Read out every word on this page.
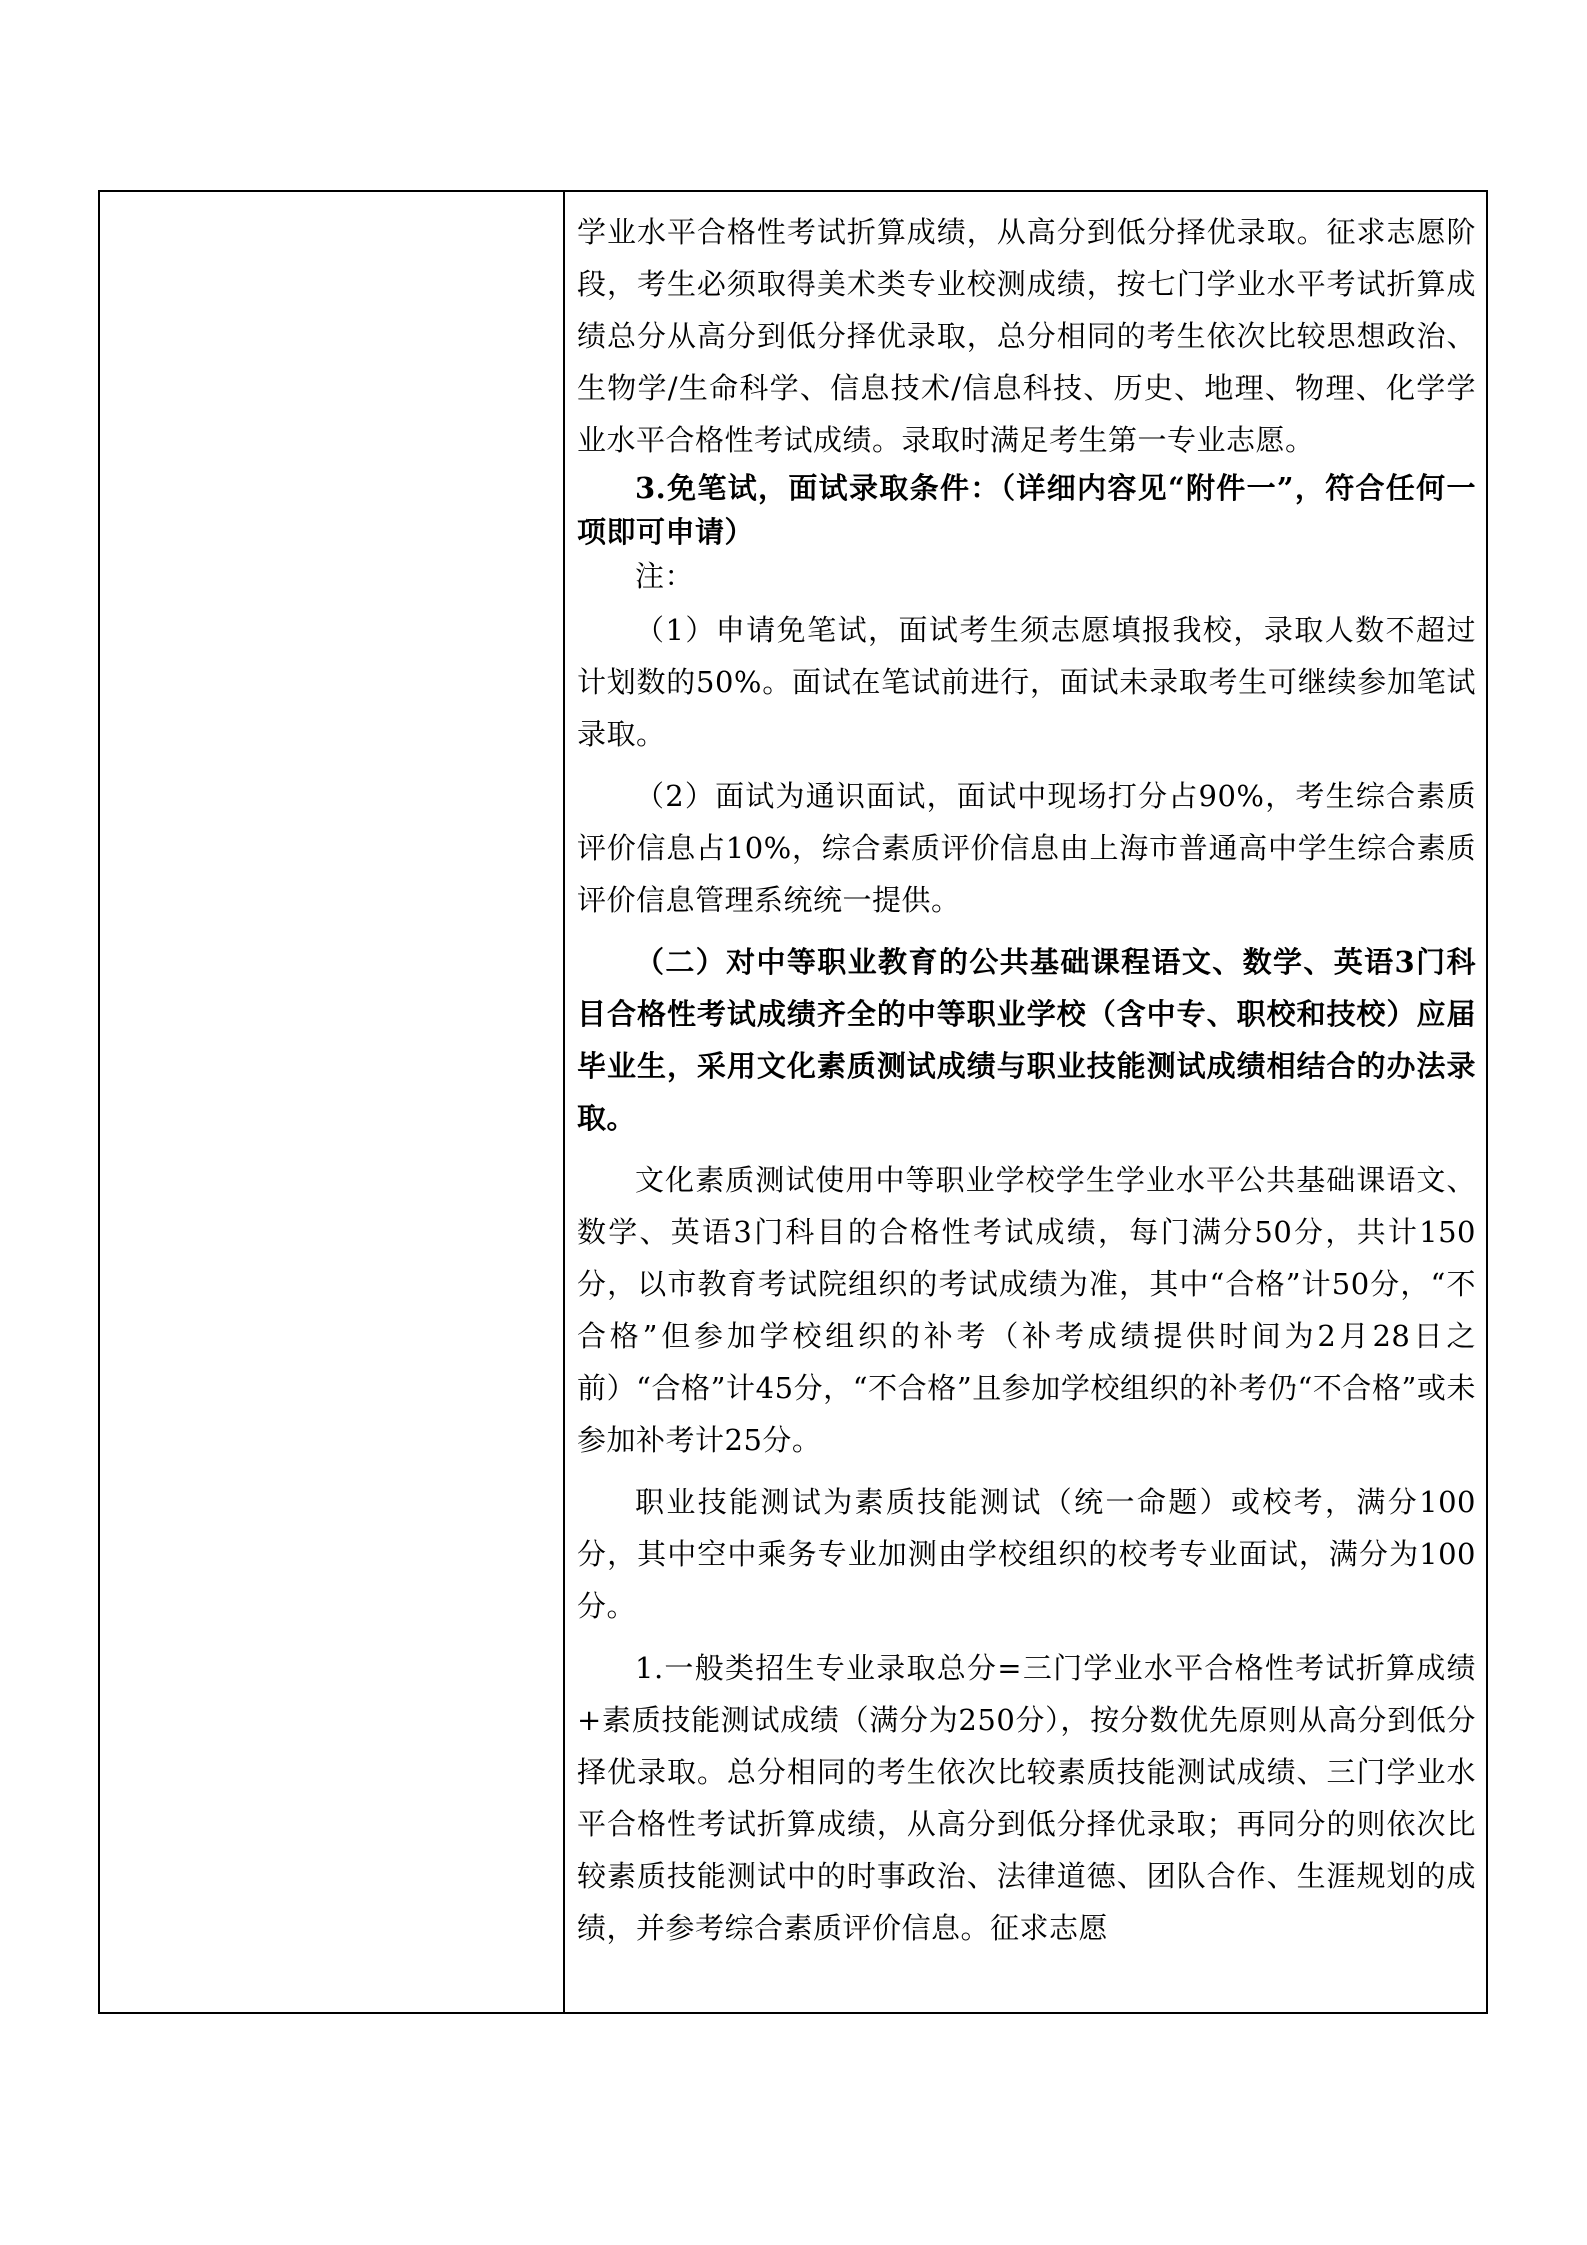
学业水平合格性考试折算成绩，从高分到低分择优录取。征求志愿阶段，考生必须取得美术类专业校测成绩，按七门学业水平考试折算成绩总分从高分到低分择优录取，总分相同的考生依次比较思想政治、生物学/生命科学、信息技术/信息科技、历史、地理、物理、化学学业水平合格性考试成绩。录取时满足考生第一专业志愿。

3.免笔试，面试录取条件：（详细内容见“附件一”，符合任何一项即可申请）

注：

（1）申请免笔试，面试考生须志愿填报我校，录取人数不超过计划数的50%。面试在笔试前进行，面试未录取考生可继续参加笔试录取。

（2）面试为通识面试，面试中现场打分占90%，考生综合素质评价信息占10%，综合素质评价信息由上海市普通高中学生综合素质评价信息管理系统统一提供。

（二）对中等职业教育的公共基础课程语文、数学、英语3门科目合格性考试成绩齐全的中等职业学校（含中专、职校和技校）应届毕业生，采用文化素质测试成绩与职业技能测试成绩相结合的办法录取。

文化素质测试使用中等职业学校学生学业水平公共基础课语文、数学、英语3门科目的合格性考试成绩，每门满分50分，共计150分，以市教育考试院组织的考试成绩为准，其中“合格”计50分，“不合格”但参加学校组织的补考（补考成绩提供时间为2月28日之前）“合格”计45分，“不合格”且参加学校组织的补考仍“不合格”或未参加补考计25分。

职业技能测试为素质技能测试（统一命题）或校考，满分100分，其中空中乘务专业加测由学校组织的校考专业面试，满分为100分。

1.一般类招生专业录取总分=三门学业水平合格性考试折算成绩+素质技能测试成绩（满分为250分），按分数优先原则从高分到低分择优录取。总分相同的考生依次比较素质技能测试成绩、三门学业水平合格性考试折算成绩，从高分到低分择优录取；再同分的则依次比较素质技能测试中的时事政治、法律道德、团队合作、生涯规划的成绩，并参考综合素质评价信息。征求志愿
